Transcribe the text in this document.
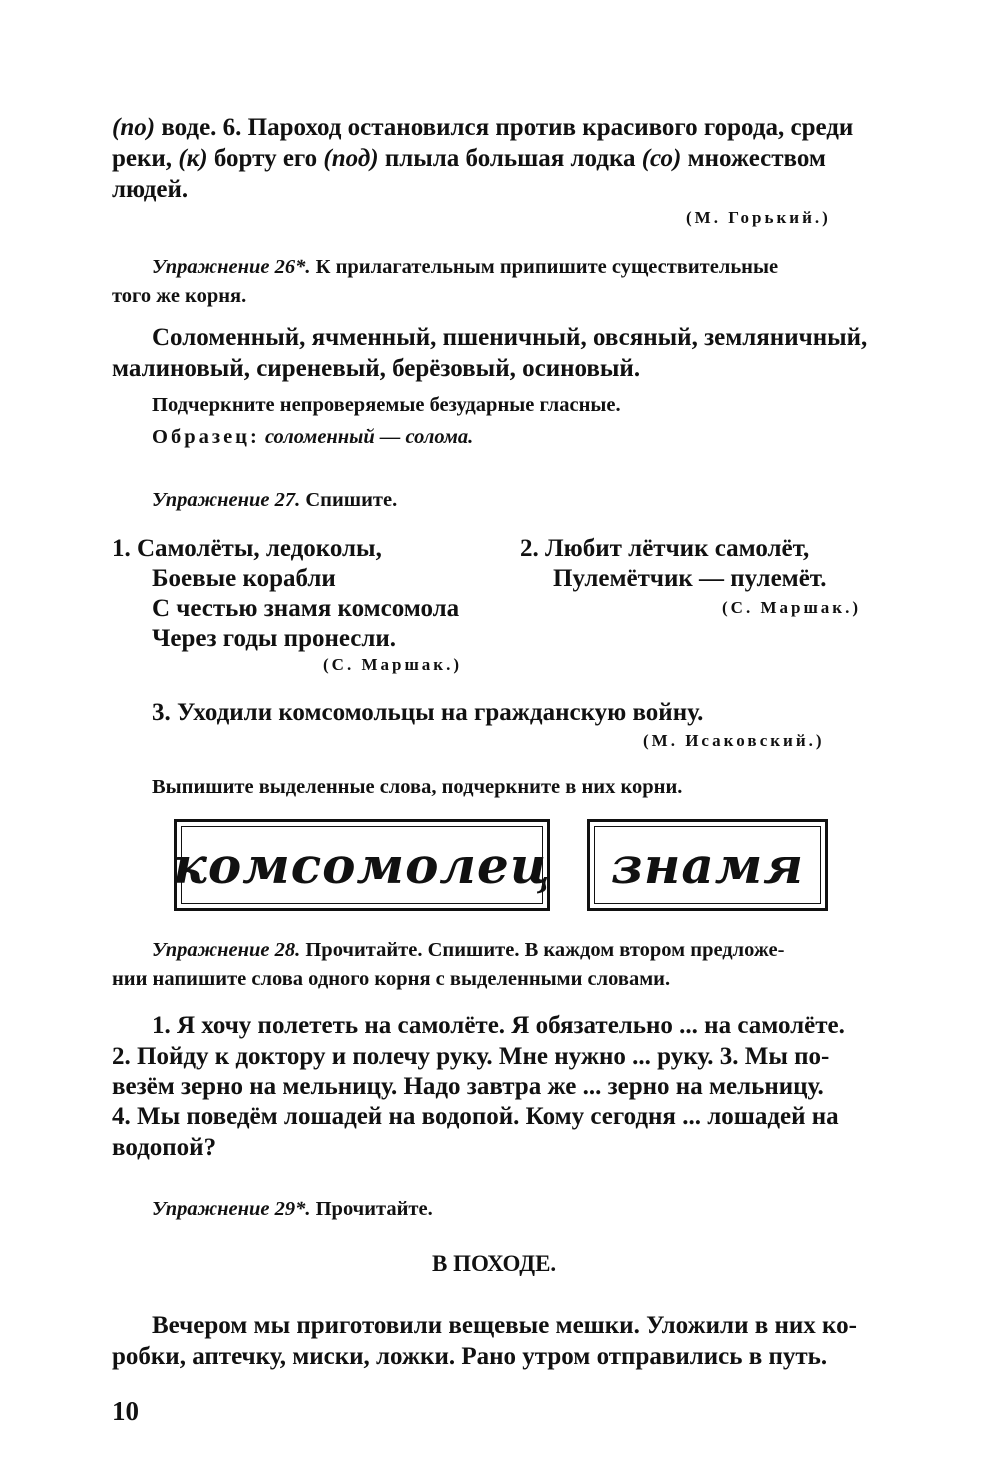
(по) воде. 6. Пароход остановился против красивого города, среди
реки, (к) борту его (под) плыла большая лодка (со) множеством
людей.
(М. Горький.)
Упражнение 26*. К прилагательным припишите существительные
того же корня.
Соломенный, ячменный, пшеничный, овсяный, земляничный,
малиновый, сиреневый, берёзовый, осиновый.
Подчеркните непроверяемые безударные гласные.
Образец: соломенный — солома.
Упражнение 27. Спишите.
1. Самолёты, ледоколы,
Боевые корабли
С честью знамя комсомола
Через годы пронесли.
(С. Маршак.)
2. Любит лётчик самолёт,
Пулемётчик — пулемёт.
(С. Маршак.)
3. Уходили комсомольцы на гражданскую войну.
(М. Исаковский.)
Выпишите выделенные слова, подчеркните в них корни.
комсомолец знамя
Упражнение 28. Прочитайте. Спишите. В каждом втором предложе-
нии напишите слова одного корня с выделенными словами.
1. Я хочу полететь на самолёте. Я обязательно ... на самолёте.
2. Пойду к доктору и полечу руку. Мне нужно ... руку. 3. Мы по-
везём зерно на мельницу. Надо завтра же ... зерно на мельницу.
4. Мы поведём лошадей на водопой. Кому сегодня ... лошадей на
водопой?
Упражнение 29*. Прочитайте.
В ПОХОДЕ.
Вечером мы приготовили вещевые мешки. Уложили в них ко-
робки, аптечку, миски, ложки. Рано утром отправились в путь.
10
